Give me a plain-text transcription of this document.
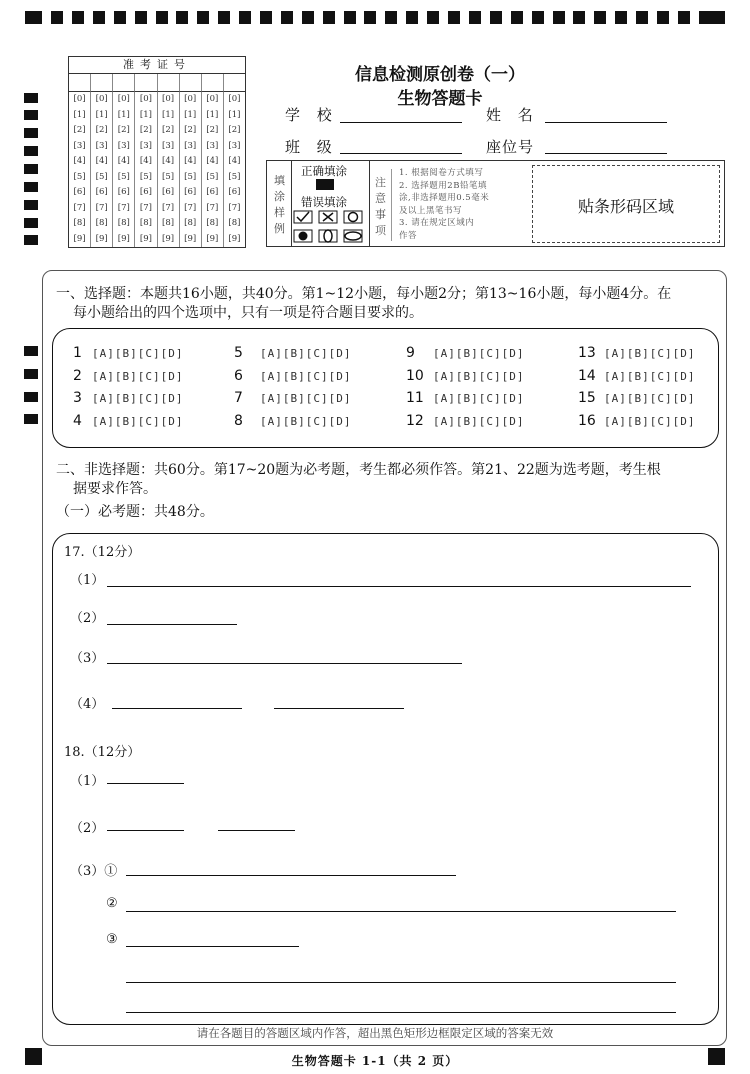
准考证号
[0]	[0]	[0]	[0]	[0]	[0]	[0]	[0]
[1]	[1]	[1]	[1]	[1]	[1]	[1]	[1]
[2]	[2]	[2]	[2]	[2]	[2]	[2]	[2]
[3]	[3]	[3]	[3]	[3]	[3]	[3]	[3]
[4]	[4]	[4]	[4]	[4]	[4]	[4]	[4]
[5]	[5]	[5]	[5]	[5]	[5]	[5]	[5]
[6]	[6]	[6]	[6]	[6]	[6]	[6]	[6]
[7]	[7]	[7]	[7]	[7]	[7]	[7]	[7]
[8]	[8]	[8]	[8]	[8]	[8]	[8]	[8]
[9]	[9]	[9]	[9]	[9]	[9]	[9]	[9]
信息检测原创卷（一）
生物答题卡
学 校	姓 名
班 级	座位号
填涂样例
正确填涂
错误填涂
注意事项
1. 根据阅卷方式填写
2. 选择题用2B铅笔填
涂,非选择题用0.5毫米
及以上黑笔书写
3. 请在规定区域内
作答
贴条形码区域
一、选择题：本题共16小题，共40分。第1~12小题，每小题2分；第13~16小题，每小题4分。在
每小题给出的四个选项中，只有一项是符合题目要求的。
1 [A][B][C][D]
2 [A][B][C][D]
3 [A][B][C][D]
4 [A][B][C][D]
5 [A][B][C][D]
6 [A][B][C][D]
7 [A][B][C][D]
8 [A][B][C][D]
9 [A][B][C][D]
10 [A][B][C][D]
11 [A][B][C][D]
12 [A][B][C][D]
13 [A][B][C][D]
14 [A][B][C][D]
15 [A][B][C][D]
16 [A][B][C][D]
二、非选择题：共60分。第17~20题为必考题，考生都必须作答。第21、22题为选考题，考生根
据要求作答。
（一）必考题：共48分。
17.（12分）
（1）
（2）
（3）
（4）
18.（12分）
（1）
（2）
（3）①
②
③
请在各题目的答题区域内作答，超出黑色矩形边框限定区域的答案无效
生物答题卡 1-1（共 2 页）
